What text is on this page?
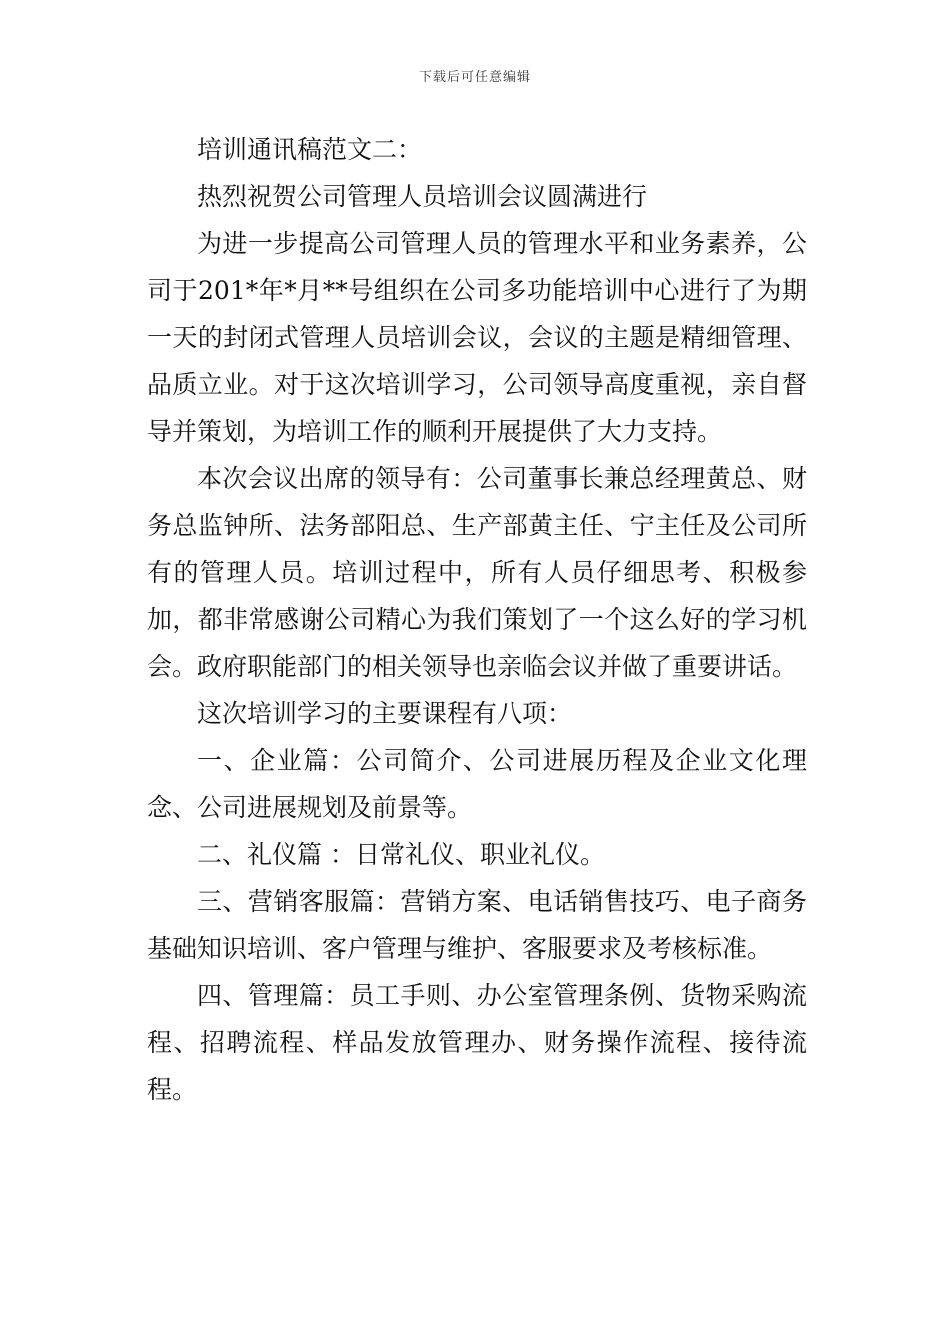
下载后可任意编辑

培训通讯稿范文二：

热烈祝贺公司管理人员培训会议圆满进行

为进一步提高公司管理人员的管理水平和业务素养，公司于201*年*月**号组织在公司多功能培训中心进行了为期一天的封闭式管理人员培训会议，会议的主题是精细管理、品质立业。对于这次培训学习，公司领导高度重视，亲自督导并策划，为培训工作的顺利开展提供了大力支持。

本次会议出席的领导有：公司董事长兼总经理黄总、财务总监钟所、法务部阳总、生产部黄主任、宁主任及公司所有的管理人员。培训过程中，所有人员仔细思考、积极参加，都非常感谢公司精心为我们策划了一个这么好的学习机会。政府职能部门的相关领导也亲临会议并做了重要讲话。

这次培训学习的主要课程有八项：

一、企业篇：公司简介、公司进展历程及企业文化理念、公司进展规划及前景等。

二、礼仪篇 ：日常礼仪、职业礼仪。

三、营销客服篇：营销方案、电话销售技巧、电子商务基础知识培训、客户管理与维护、客服要求及考核标准。

四、管理篇：员工手则、办公室管理条例、货物采购流程、招聘流程、样品发放管理办、财务操作流程、接待流程。
